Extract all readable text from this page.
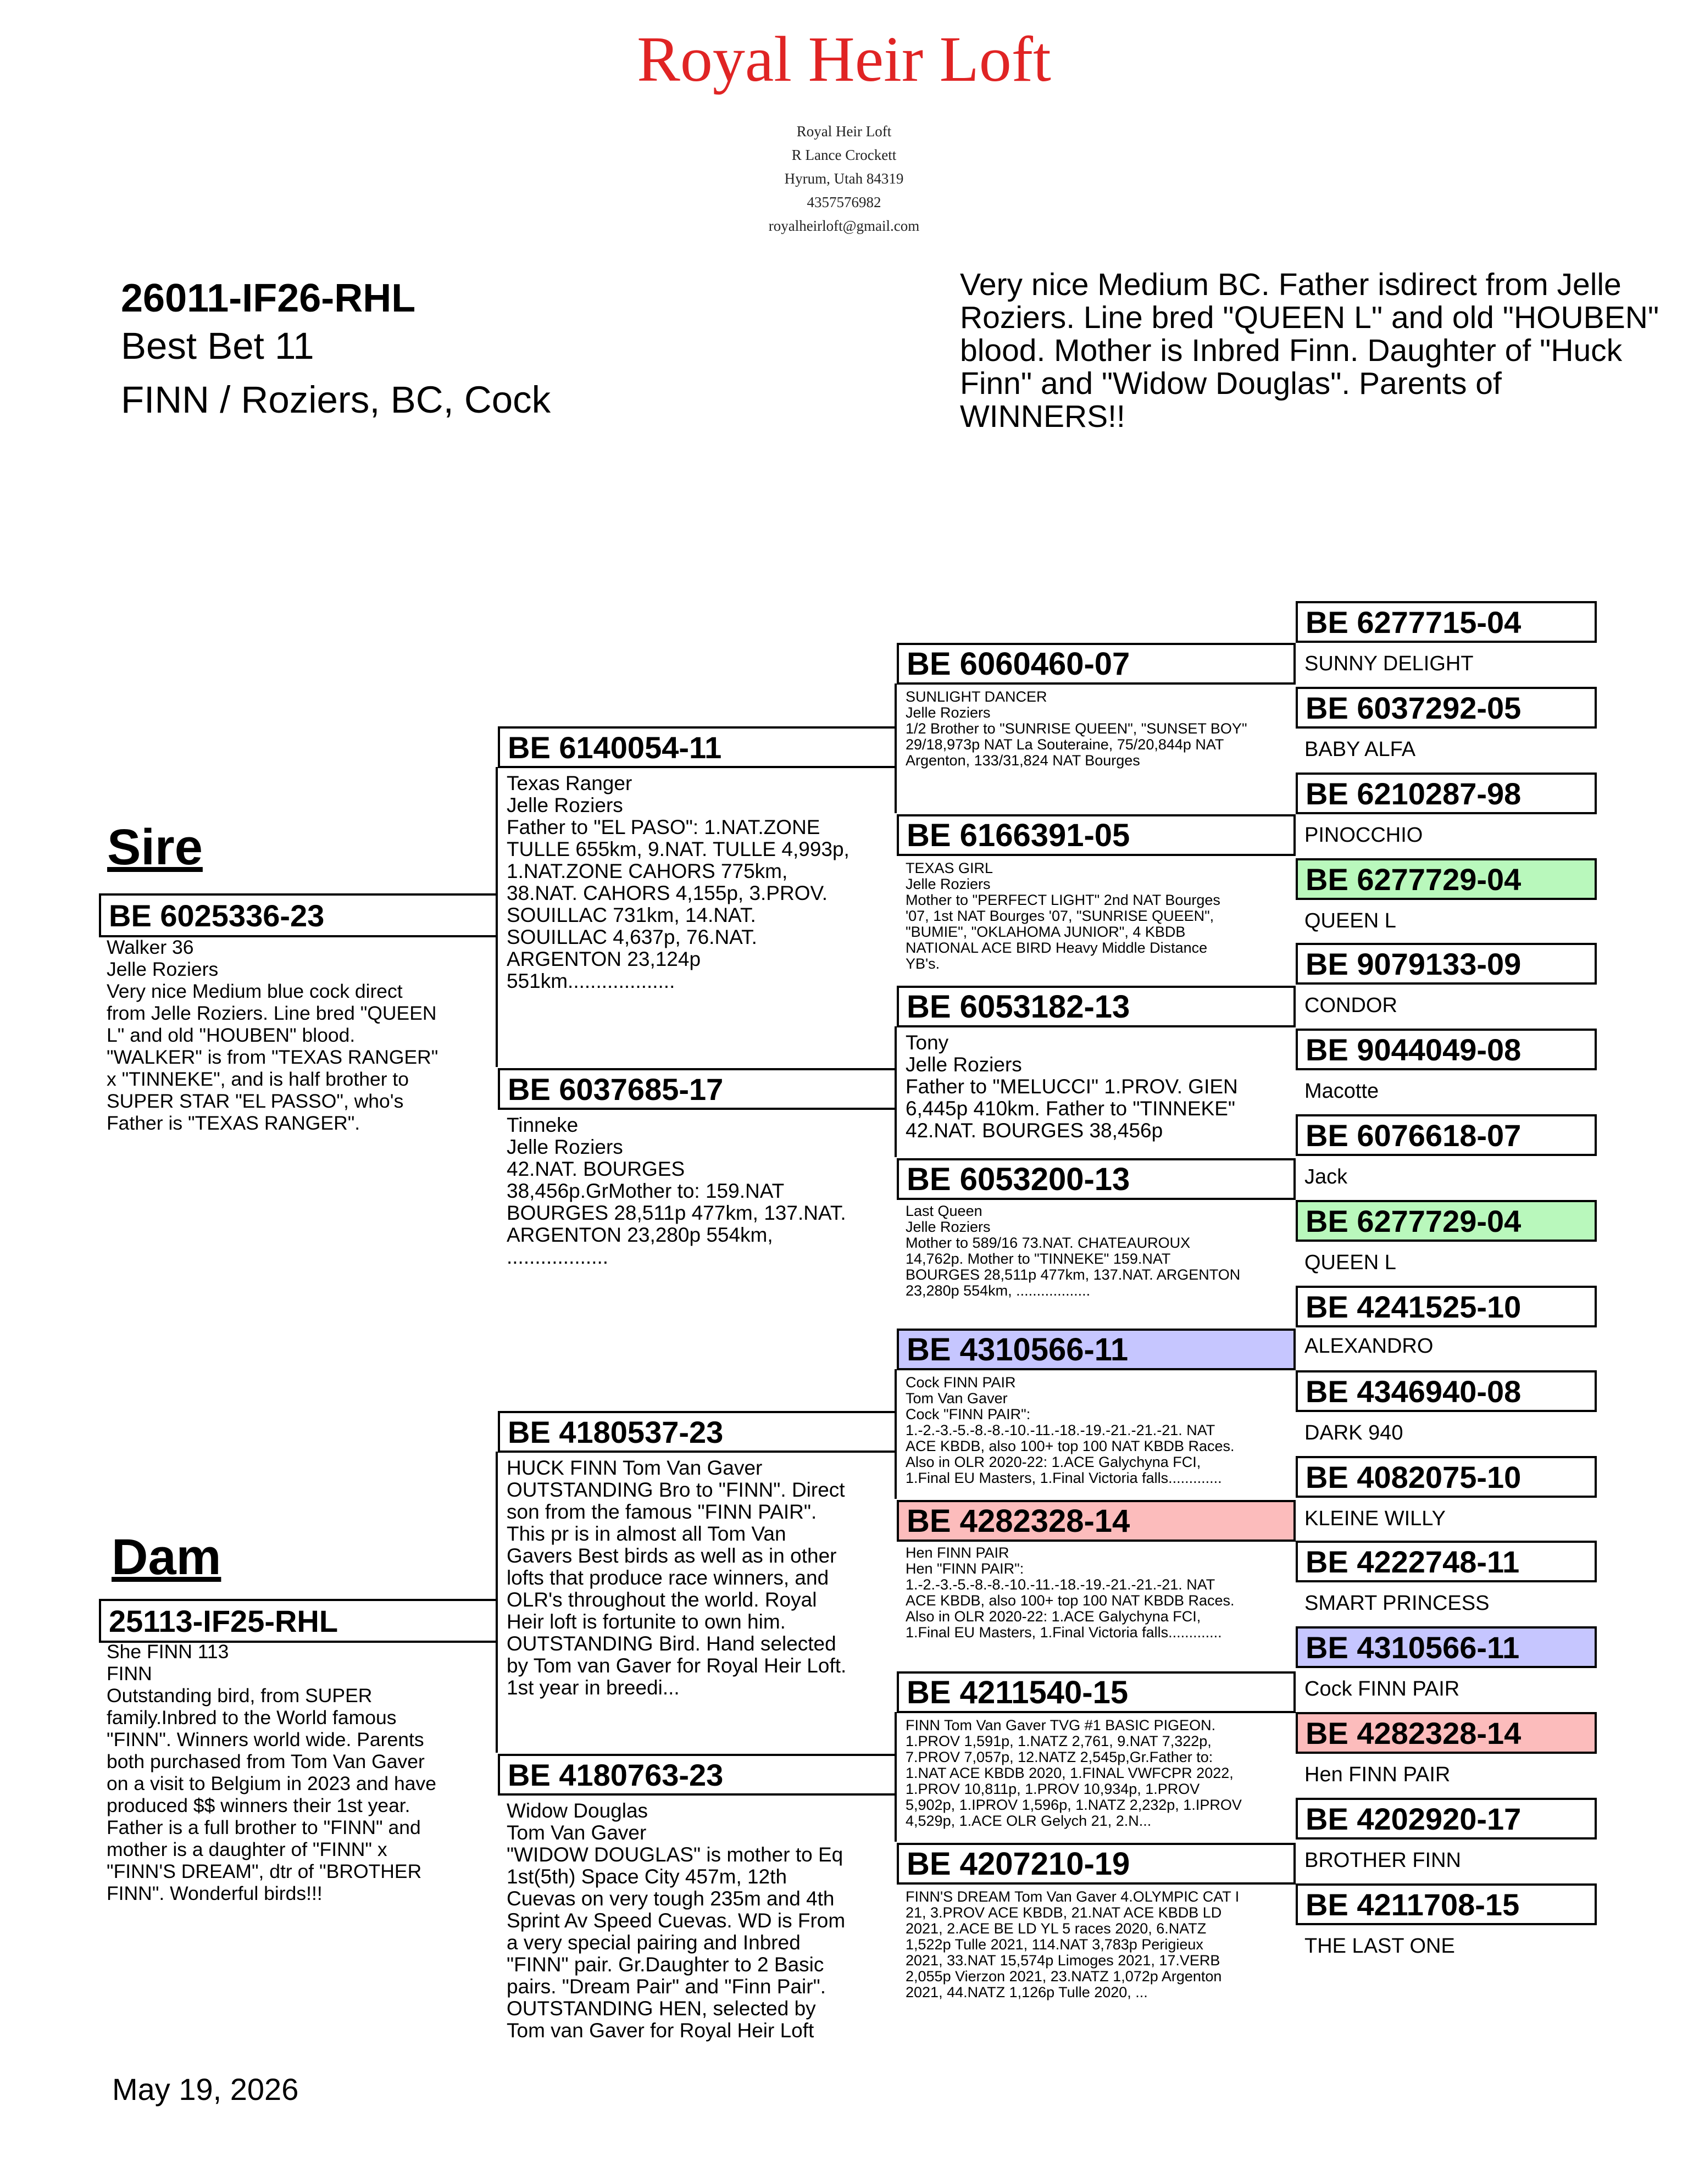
Royal Heir Loft
Royal Heir Loft
R Lance Crockett
Hyrum, Utah 84319
4357576982
royalheirloft@gmail.com
26011-IF26-RHL
Best Bet 11
FINN / Roziers, BC, Cock
Very nice Medium BC. Father isdirect from Jelle Roziers. Line bred "QUEEN L" and old "HOUBEN" blood. Mother is Inbred Finn. Daughter of "Huck Finn" and "Widow Douglas". Parents of WINNERS!!
Sire
BE 6025336-23
Walker 36
Jelle Roziers
Very nice Medium blue cock direct
from Jelle Roziers. Line bred "QUEEN
L" and old "HOUBEN" blood.
"WALKER" is from "TEXAS RANGER"
x "TINNEKE", and is half brother to
SUPER STAR "EL PASSO", who's
Father is "TEXAS RANGER".
Dam
25113-IF25-RHL
She FINN 113
FINN
Outstanding bird, from SUPER
family.Inbred to the World famous
"FINN". Winners world wide. Parents
both purchased from Tom Van Gaver
on a visit to Belgium in 2023 and have
produced $$ winners their 1st year.
Father is a full brother to "FINN" and
mother is a daughter of "FINN" x
"FINN'S DREAM", dtr of "BROTHER
FINN". Wonderful birds!!!
BE 6140054-11
Texas Ranger
Jelle Roziers
Father to "EL PASO": 1.NAT.ZONE
TULLE 655km, 9.NAT. TULLE 4,993p,
1.NAT.ZONE CAHORS 775km,
38.NAT. CAHORS 4,155p, 3.PROV.
SOUILLAC 731km, 14.NAT.
SOUILLAC 4,637p, 76.NAT.
ARGENTON 23,124p
551km...................
BE 6037685-17
Tinneke
Jelle Roziers
42.NAT. BOURGES
38,456p.GrMother to: 159.NAT
BOURGES 28,511p 477km, 137.NAT.
ARGENTON 23,280p 554km,
..................
BE 4180537-23
HUCK FINN Tom Van Gaver
OUTSTANDING Bro to "FINN". Direct
son from the famous "FINN PAIR".
This pr is in almost all Tom Van
Gavers Best birds as well as in other
lofts that produce race winners, and
OLR's throughout the world. Royal
Heir loft is fortunite to own him.
OUTSTANDING Bird. Hand selected
by Tom van Gaver for Royal Heir Loft.
1st year in breedi...
BE 4180763-23
Widow Douglas
Tom Van Gaver
"WIDOW DOUGLAS" is mother to Eq
1st(5th) Space City 457m, 12th
Cuevas on very tough 235m and 4th
Sprint Av Speed Cuevas. WD is From
a very special pairing and Inbred
"FINN" pair. Gr.Daughter to 2 Basic
pairs. "Dream Pair" and "Finn Pair".
OUTSTANDING HEN, selected by
Tom van Gaver for Royal Heir Loft
BE 6060460-07
SUNLIGHT DANCER
Jelle Roziers
1/2 Brother to "SUNRISE QUEEN", "SUNSET BOY"
29/18,973p NAT La Souteraine, 75/20,844p NAT
Argenton, 133/31,824 NAT Bourges
BE 6166391-05
TEXAS GIRL
Jelle Roziers
Mother to "PERFECT LIGHT" 2nd NAT Bourges
'07, 1st NAT Bourges '07, "SUNRISE QUEEN",
"BUMIE", "OKLAHOMA JUNIOR", 4 KBDB
NATIONAL ACE BIRD Heavy Middle Distance
YB's.
BE 6053182-13
Tony
Jelle Roziers
Father to "MELUCCI" 1.PROV. GIEN
6,445p 410km. Father to "TINNEKE"
42.NAT. BOURGES 38,456p
BE 6053200-13
Last Queen
Jelle Roziers
Mother to 589/16 73.NAT. CHATEAUROUX
14,762p. Mother to "TINNEKE" 159.NAT
BOURGES 28,511p 477km, 137.NAT. ARGENTON
23,280p 554km, ..................
BE 4310566-11
Cock FINN PAIR
Tom Van Gaver
Cock "FINN PAIR":
1.-2.-3.-5.-8.-8.-10.-11.-18.-19.-21.-21.-21. NAT
ACE KBDB, also 100+ top 100 NAT KBDB Races.
Also in OLR 2020-22: 1.ACE Galychyna FCI,
1.Final EU Masters, 1.Final Victoria falls.............
BE 4282328-14
Hen FINN PAIR
Hen "FINN PAIR":
1.-2.-3.-5.-8.-8.-10.-11.-18.-19.-21.-21.-21. NAT
ACE KBDB, also 100+ top 100 NAT KBDB Races.
Also in OLR 2020-22: 1.ACE Galychyna FCI,
1.Final EU Masters, 1.Final Victoria falls.............
BE 4211540-15
FINN Tom Van Gaver TVG #1 BASIC PIGEON.
1.PROV 1,591p, 1.NATZ 2,761, 9.NAT 7,322p,
7.PROV 7,057p, 12.NATZ 2,545p,Gr.Father to:
1.NAT ACE KBDB 2020, 1.FINAL VWFCPR 2022,
1.PROV 10,811p, 1.PROV 10,934p, 1.PROV
5,902p, 1.IPROV 1,596p, 1.NATZ 2,232p, 1.IPROV
4,529p, 1.ACE OLR Gelych 21, 2.N...
BE 4207210-19
FINN'S DREAM Tom Van Gaver 4.OLYMPIC CAT I
21, 3.PROV ACE KBDB, 21.NAT ACE KBDB LD
2021, 2.ACE BE LD YL 5 races 2020, 6.NATZ
1,522p Tulle 2021, 114.NAT 3,783p Perigieux
2021, 33.NAT 15,574p Limoges 2021, 17.VERB
2,055p Vierzon 2021, 23.NATZ 1,072p Argenton
2021, 44.NATZ 1,126p Tulle 2020, ...
BE 6277715-04
SUNNY DELIGHT
BE 6037292-05
BABY ALFA
BE 6210287-98
PINOCCHIO
BE 6277729-04
QUEEN L
BE 9079133-09
CONDOR
BE 9044049-08
Macotte
BE 6076618-07
Jack
BE 6277729-04
QUEEN L
BE 4241525-10
ALEXANDRO
BE 4346940-08
DARK 940
BE 4082075-10
KLEINE WILLY
BE 4222748-11
SMART PRINCESS
BE 4310566-11
Cock FINN PAIR
BE 4282328-14
Hen FINN PAIR
BE 4202920-17
BROTHER FINN
BE 4211708-15
THE LAST ONE
May 19, 2026
